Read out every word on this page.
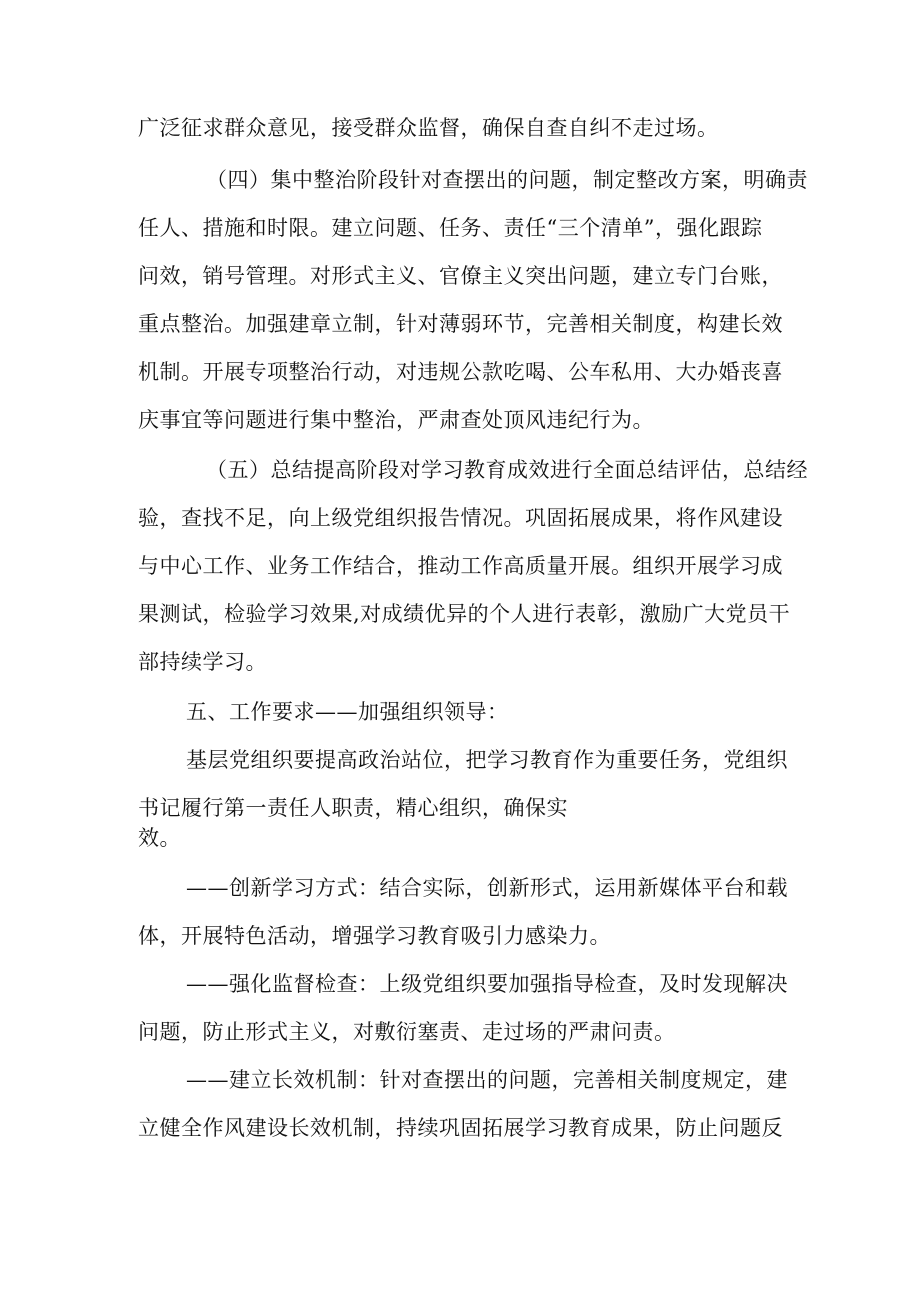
广泛征求群众意见，接受群众监督，确保自查自纠不走过场。
（四）集中整治阶段针对查摆出的问题，制定整改方案，明确责
任人、措施和时限。建立问题、任务、责任“三个清单”，强化跟踪
问效，销号管理。对形式主义、官僚主义突出问题，建立专门台账，
重点整治。加强建章立制，针对薄弱环节，完善相关制度，构建长效
机制。开展专项整治行动，对违规公款吃喝、公车私用、大办婚丧喜
庆事宜等问题进行集中整治，严肃查处顶风违纪行为。
（五）总结提高阶段对学习教育成效进行全面总结评估，总结经
验，查找不足，向上级党组织报告情况。巩固拓展成果，将作风建设
与中心工作、业务工作结合，推动工作高质量开展。组织开展学习成
果测试，检验学习效果,对成绩优异的个人进行表彰，激励广大党员干
部持续学习。
五、工作要求——加强组织领导：
基层党组织要提高政治站位，把学习教育作为重要任务，党组织
书记履行第一责任人职责，精心组织，确保实
效。
——创新学习方式：结合实际，创新形式，运用新媒体平台和载
体，开展特色活动，增强学习教育吸引力感染力。
——强化监督检查：上级党组织要加强指导检查，及时发现解决
问题，防止形式主义，对敷衍塞责、走过场的严肃问责。
——建立长效机制：针对查摆出的问题，完善相关制度规定，建
立健全作风建设长效机制，持续巩固拓展学习教育成果，防止问题反
